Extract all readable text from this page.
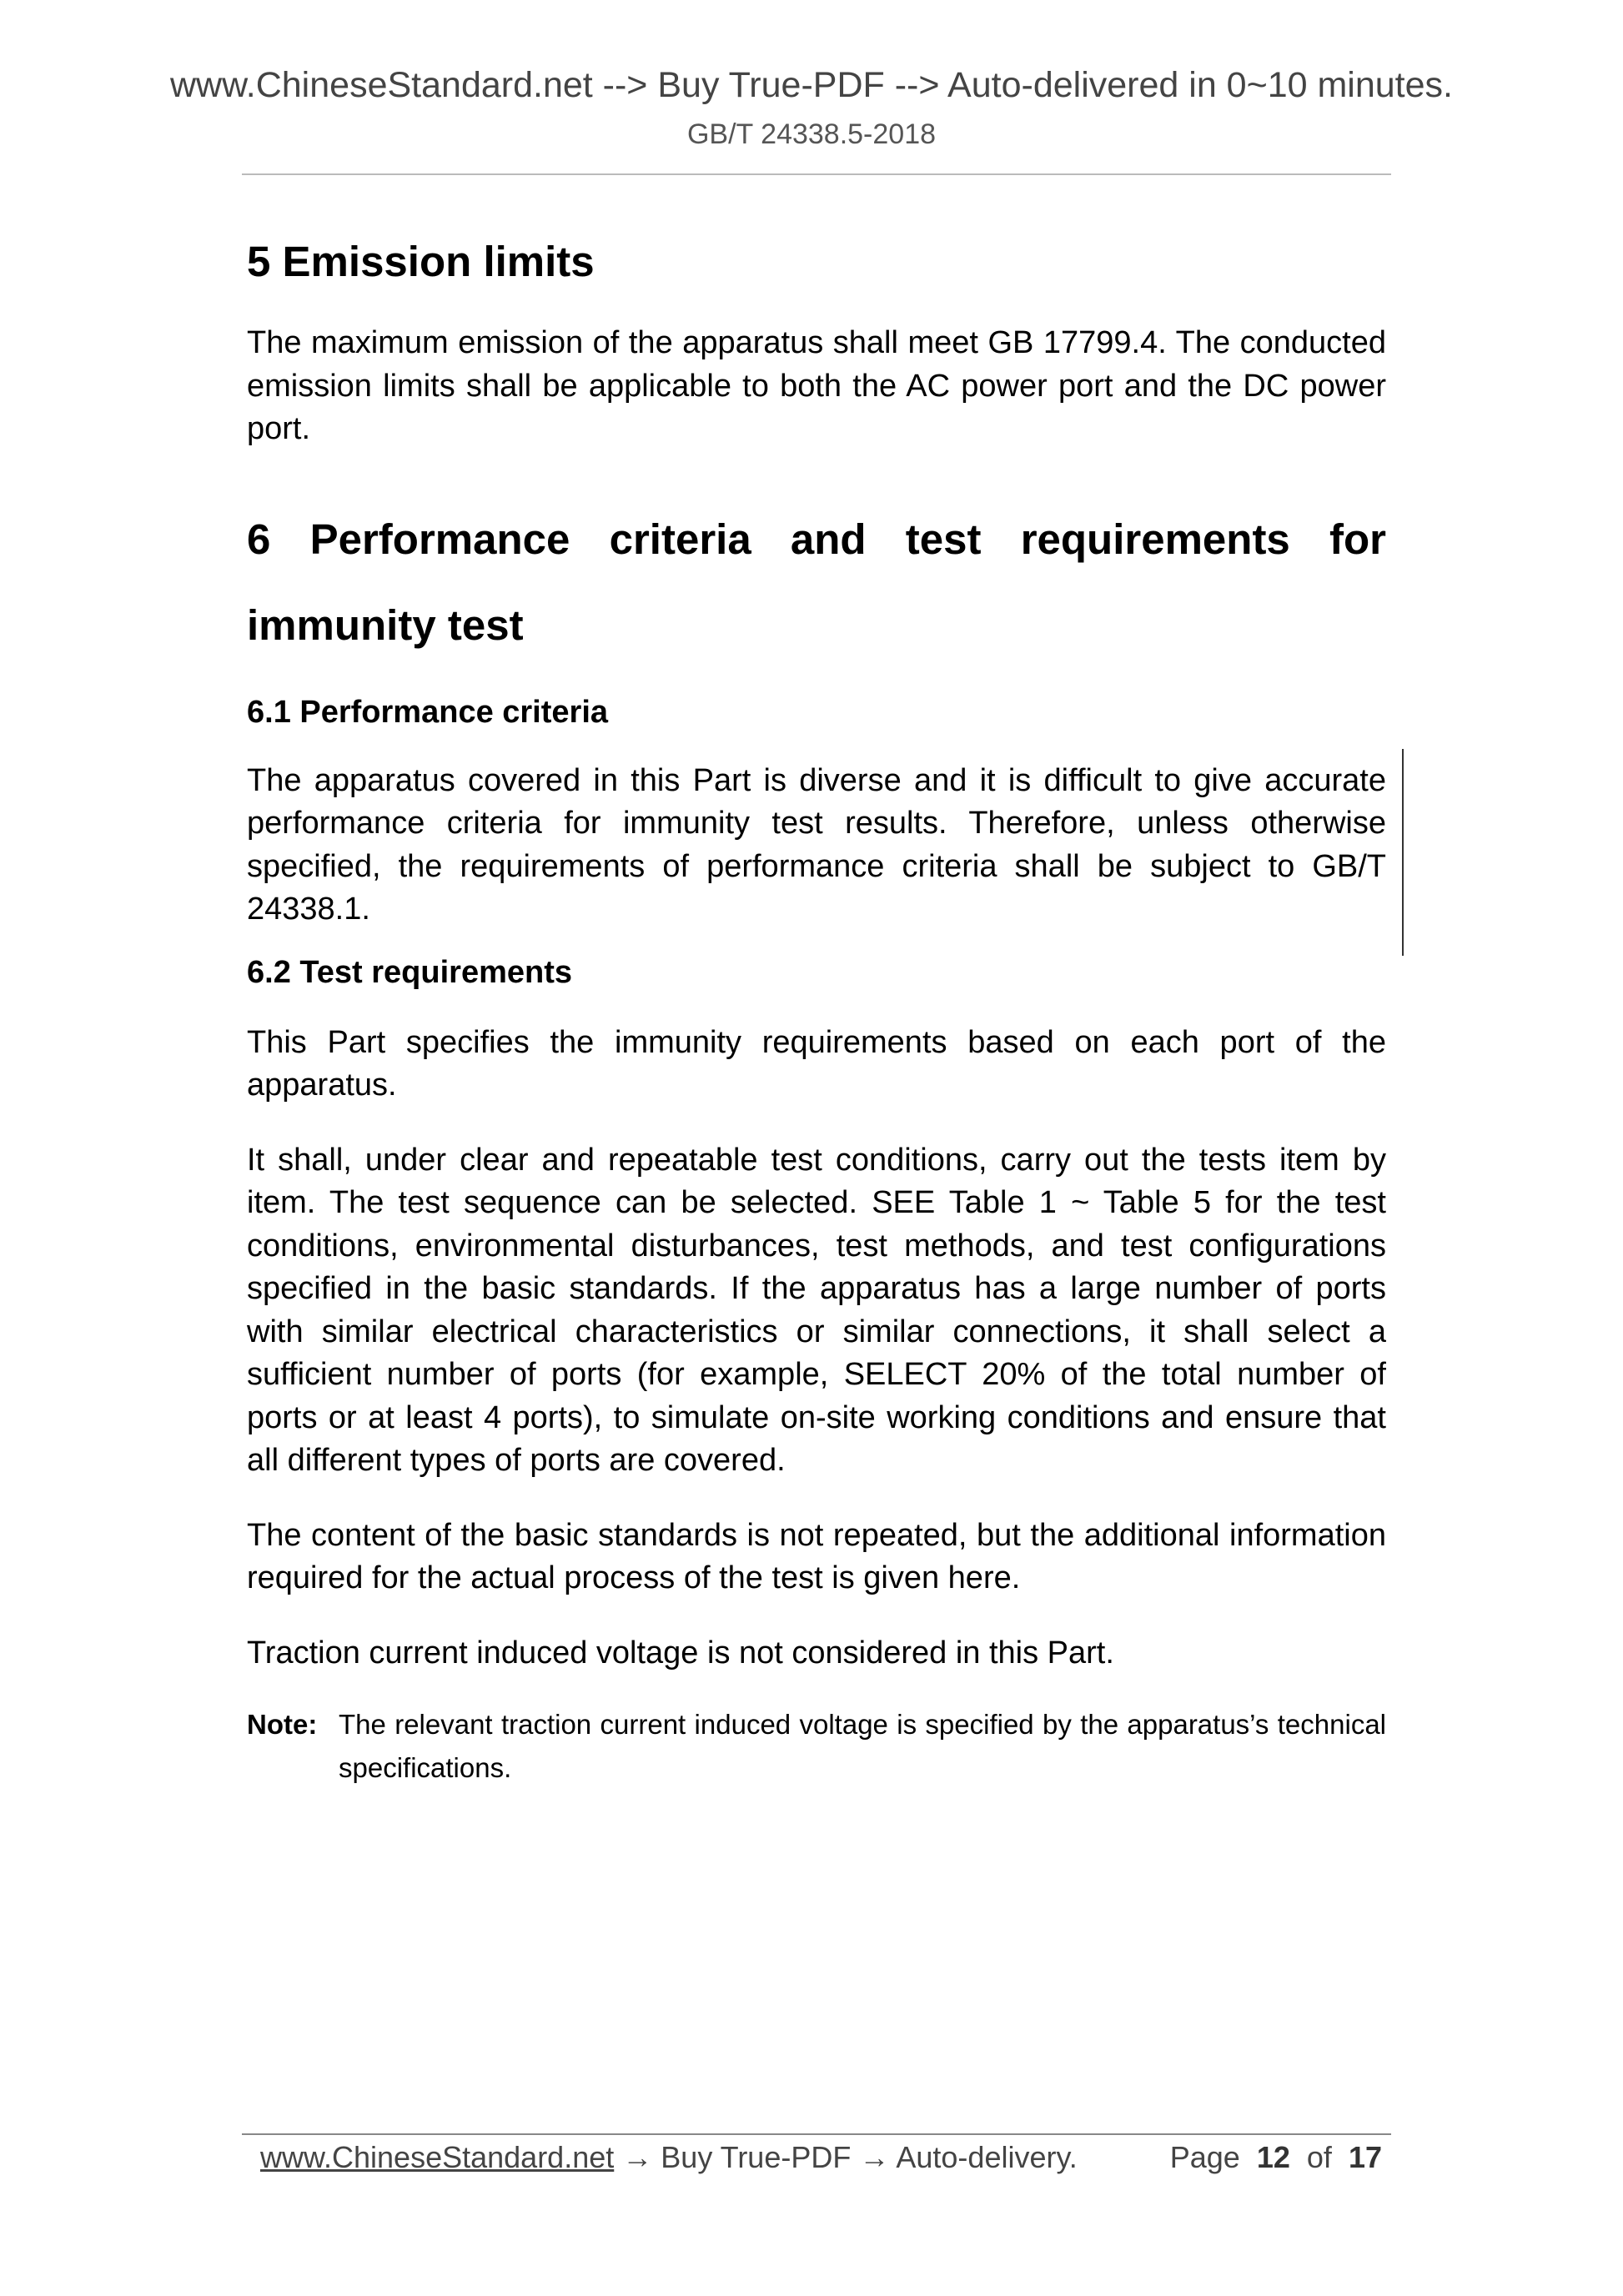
www.ChineseStandard.net --> Buy True-PDF --> Auto-delivered in 0~10 minutes.
GB/T 24338.5-2018
5 Emission limits

The maximum emission of the apparatus shall meet GB 17799.4. The conducted emission limits shall be applicable to both the AC power port and the DC power port.

6 Performance criteria and test requirements for
immunity test
6.1 Performance criteria

The apparatus covered in this Part is diverse and it is difficult to give accurate performance criteria for immunity test results. Therefore, unless otherwise specified, the requirements of performance criteria shall be subject to GB/T 24338.1.

6.2 Test requirements

This Part specifies the immunity requirements based on each port of the apparatus.

It shall, under clear and repeatable test conditions, carry out the tests item by item. The test sequence can be selected. SEE Table 1 ~ Table 5 for the test conditions, environmental disturbances, test methods, and test configurations specified in the basic standards. If the apparatus has a large number of ports with similar electrical characteristics or similar connections, it shall select a sufficient number of ports (for example, SELECT 20% of the total number of ports or at least 4 ports), to simulate on-site working conditions and ensure that all different types of ports are covered.

The content of the basic standards is not repeated, but the additional information required for the actual process of the test is given here.

Traction current induced voltage is not considered in this Part.

Note: The relevant traction current induced voltage is specified by the apparatus’s technical specifications.
www.ChineseStandard.net → Buy True-PDF → Auto-delivery.	Page 12 of 17
